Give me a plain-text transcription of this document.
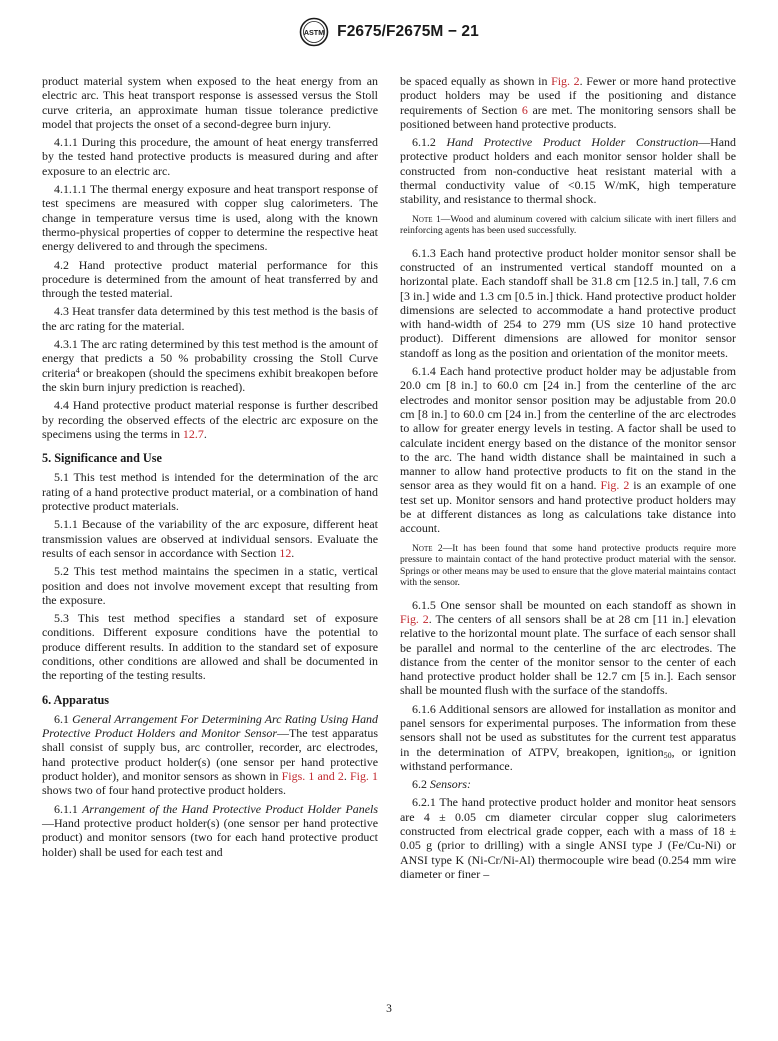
ASTM F2675/F2675M − 21

product material system when exposed to the heat energy from an electric arc. This heat transport response is assessed versus the Stoll curve criteria, an approximate human tissue tolerance predictive model that projects the onset of a second-degree burn injury.

4.1.1 During this procedure, the amount of heat energy transferred by the tested hand protective products is measured during and after exposure to an electric arc.

4.1.1.1 The thermal energy exposure and heat transport response of test specimens are measured with copper slug calorimeters. The change in temperature versus time is used, along with the known thermo-physical properties of copper to determine the respective heat energy delivered to and through the specimens.

4.2 Hand protective product material performance for this procedure is determined from the amount of heat transferred by and through the tested material.

4.3 Heat transfer data determined by this test method is the basis of the arc rating for the material.

4.3.1 The arc rating determined by this test method is the amount of energy that predicts a 50 % probability crossing the Stoll Curve criteria$^4$ or breakopen (should the specimens exhibit breakopen before the skin burn injury prediction is reached).

4.4 Hand protective product material response is further described by recording the observed effects of the electric arc exposure on the specimens using the terms in 12.7.

5. Significance and Use

5.1 This test method is intended for the determination of the arc rating of a hand protective product material, or a combination of hand protective product materials.

5.1.1 Because of the variability of the arc exposure, different heat transmission values are observed at individual sensors. Evaluate the results of each sensor in accordance with Section 12.

5.2 This test method maintains the specimen in a static, vertical position and does not involve movement except that resulting from the exposure.

5.3 This test method specifies a standard set of exposure conditions. Different exposure conditions have the potential to produce different results. In addition to the standard set of exposure conditions, other conditions are allowed and shall be documented in the reporting of the testing results.

6. Apparatus

6.1 General Arrangement For Determining Arc Rating Using Hand Protective Product Holders and Monitor Sensor—The test apparatus shall consist of supply bus, arc controller, recorder, arc electrodes, hand protective product holder(s) (one sensor per hand protective product holder), and monitor sensors as shown in Figs. 1 and 2. Fig. 1 shows two of four hand protective product holders.

6.1.1 Arrangement of the Hand Protective Product Holder Panels—Hand protective product holder(s) (one sensor per hand protective product) and monitor sensors (two for each hand protective product holder) shall be used for each test and

be spaced equally as shown in Fig. 2. Fewer or more hand protective product holders may be used if the positioning and distance requirements of Section 6 are met. The monitoring sensors shall be positioned between hand protective products.

6.1.2 Hand Protective Product Holder Construction—Hand protective product holders and each monitor sensor holder shall be constructed from non-conductive heat resistant material with a thermal conductivity value of <0.15 W/mK, high temperature stability, and resistance to thermal shock.

Note 1—Wood and aluminum covered with calcium silicate with inert fillers and reinforcing agents has been used successfully.

6.1.3 Each hand protective product holder monitor sensor shall be constructed of an instrumented vertical standoff mounted on a horizontal plate. Each standoff shall be 31.8 cm [12.5 in.] tall, 7.6 cm [3 in.] wide and 1.3 cm [0.5 in.] thick. Hand protective product holder dimensions are selected to accommodate a hand protective product with hand-width of 254 to 279 mm (US size 10 hand protective product). Different dimensions are allowed for monitor sensor standoff as long as the position and orientation of the monitor meets.

6.1.4 Each hand protective product holder may be adjustable from 20.0 cm [8 in.] to 60.0 cm [24 in.] from the centerline of the arc electrodes and monitor sensor position may be adjustable from 20.0 cm [8 in.] to 60.0 cm [24 in.] from the centerline of the arc electrodes to allow for greater energy levels in testing. A factor shall be used to calculate incident energy based on the distance of the monitor sensor to the arc. The hand width distance shall be maintained in such a manner to allow hand protective products to fit on the stand in the sensor area as they would fit on a hand. Fig. 2 is an example of one test set up. Monitor sensors and hand protective product holders may be at different distances as long as calculations take distance into account.

Note 2—It has been found that some hand protective products require more pressure to maintain contact of the hand protective product material with the sensor. Springs or other means may be used to ensure that the glove material maintains contact with the sensor.

6.1.5 One sensor shall be mounted on each standoff as shown in Fig. 2. The centers of all sensors shall be at 28 cm [11 in.] elevation relative to the horizontal mount plate. The surface of each sensor shall be parallel and normal to the centerline of the arc electrodes. The distance from the center of the monitor sensor to the center of each hand protective product holder shall be 12.7 cm [5 in.]. Each sensor shall be mounted flush with the surface of the standoffs.

6.1.6 Additional sensors are allowed for installation as monitor and panel sensors for experimental purposes. The information from these sensors shall not be used as substitutes for the current test apparatus in the determination of ATPV, breakopen, ignition$_{50}$, or ignition withstand performance.

6.2 Sensors:

6.2.1 The hand protective product holder and monitor heat sensors are 4 ± 0.05 cm diameter circular copper slug calorimeters constructed from electrical grade copper, each with a mass of 18 ± 0.05 g (prior to drilling) with a single ANSI type J (Fe/Cu-Ni) or ANSI type K (Ni-Cr/Ni-Al) thermocouple wire bead (0.254 mm wire diameter or finer –

3
